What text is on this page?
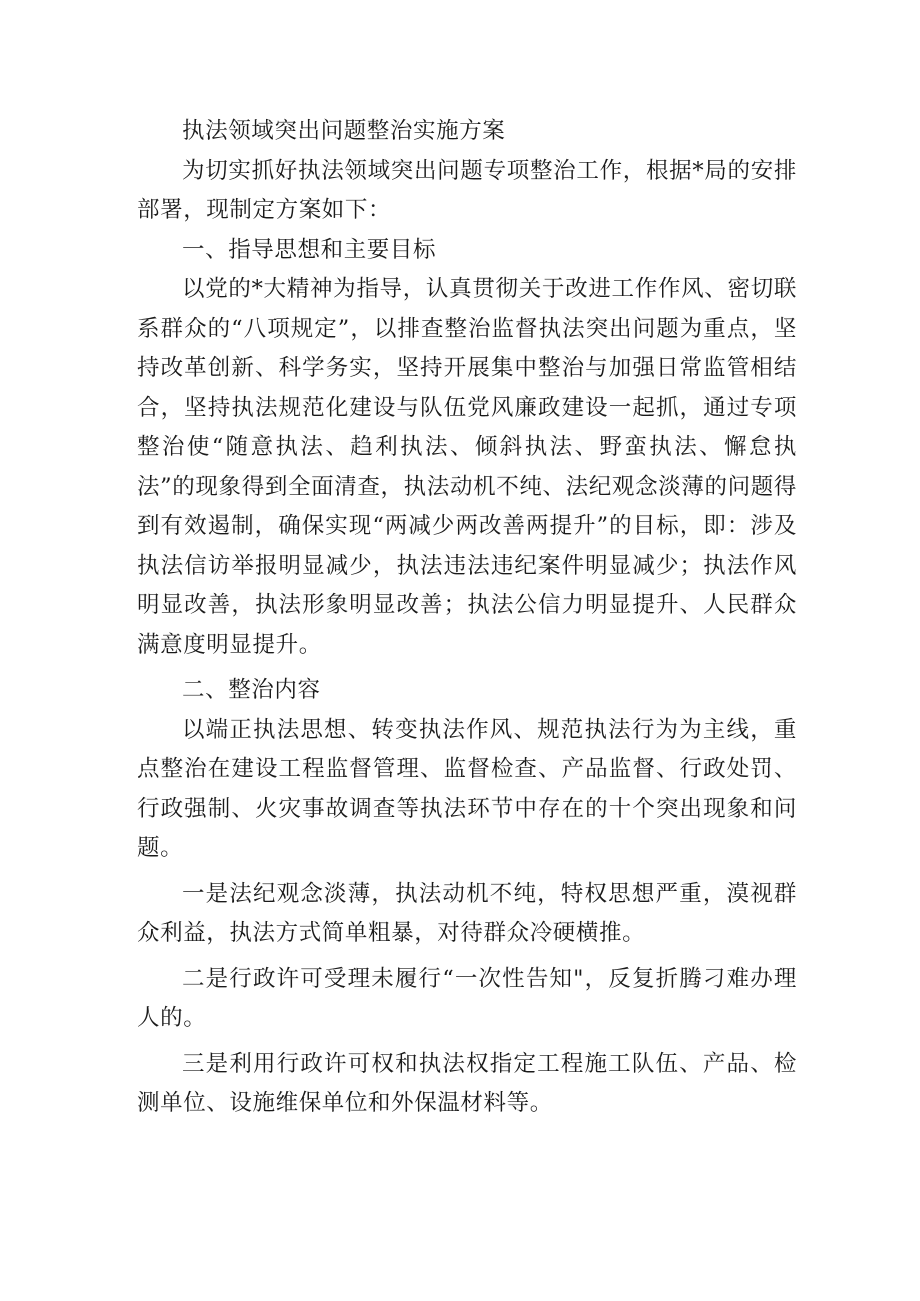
执法领域突出问题整治实施方案

为切实抓好执法领域突出问题专项整治工作，根据*局的安排部署，现制定方案如下：

一、指导思想和主要目标

以党的*大精神为指导，认真贯彻关于改进工作作风、密切联系群众的“八项规定”，以排查整治监督执法突出问题为重点，坚持改革创新、科学务实，坚持开展集中整治与加强日常监管相结合，坚持执法规范化建设与队伍党风廉政建设一起抓，通过专项整治使“随意执法、趋利执法、倾斜执法、野蛮执法、懈怠执法”的现象得到全面清查，执法动机不纯、法纪观念淡薄的问题得到有效遏制，确保实现“两减少两改善两提升”的目标，即：涉及执法信访举报明显减少，执法违法违纪案件明显减少；执法作风明显改善，执法形象明显改善；执法公信力明显提升、人民群众满意度明显提升。

二、整治内容

以端正执法思想、转变执法作风、规范执法行为为主线，重点整治在建设工程监督管理、监督检查、产品监督、行政处罚、行政强制、火灾事故调查等执法环节中存在的十个突出现象和问题。

一是法纪观念淡薄，执法动机不纯，特权思想严重，漠视群众利益，执法方式简单粗暴，对待群众冷硬横推。

二是行政许可受理未履行“一次性告知"，反复折腾刁难办理人的。

三是利用行政许可权和执法权指定工程施工队伍、产品、检测单位、设施维保单位和外保温材料等。
